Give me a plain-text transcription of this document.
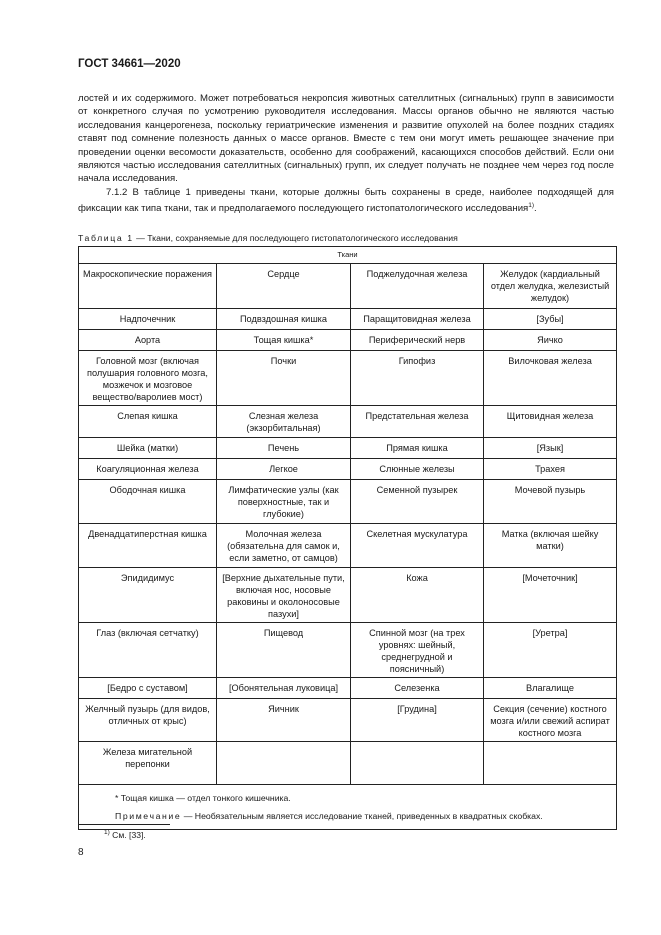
ГОСТ 34661—2020

лостей и их содержимого. Может потребоваться некропсия животных сателлитных (сигнальных) групп в зависимости от конкретного случая по усмотрению руководителя исследования. Массы органов обычно не являются частью исследования канцерогенеза, поскольку гериатрические изменения и развитие опухолей на более поздних стадиях ставят под сомнение полезность данных о массе органов. Вместе с тем они могут иметь решающее значение при проведении оценки весомости доказательств, особенно для соображений, касающихся способов действий. Если они являются частью исследования сателлитных (сигнальных) групп, их следует получать не позднее чем через год после начала исследования.

7.1.2 В таблице 1 приведены ткани, которые должны быть сохранены в среде, наиболее подходящей для фиксации как типа ткани, так и предполагаемого последующего гистопатологического исследования$^{1)}$.

Таблица 1 — Ткани, сохраняемые для последующего гистопатологического исследования
Ткани			
Макроскопические поражения	Сердце	Поджелудочная железа	Желудок (кардиальный отдел желудка, железистый желудок)
Надпочечник	Подвздошная кишка	Паращитовидная железа	[Зубы]
Аорта	Тощая кишка*	Периферический нерв	Яичко
Головной мозг (включая полушария головного мозга, мозжечок и мозговое вещество/варолиев мост)	Почки	Гипофиз	Вилочковая железа
Слепая кишка	Слезная железа (экзорбитальная)	Предстательная железа	Щитовидная железа
Шейка (матки)	Печень	Прямая кишка	[Язык]
Коагуляционная железа	Легкое	Слюнные железы	Трахея
Ободочная кишка	Лимфатические узлы (как поверхностные, так и глубокие)	Семенной пузырек	Мочевой пузырь
Двенадцатиперстная кишка	Молочная железа (обязательна для самок и, если заметно, от самцов)	Скелетная мускулатура	Матка (включая шейку матки)
Эпидидимус	[Верхние дыхательные пути, включая нос, носовые раковины и околоносовые пазухи]	Кожа	[Мочеточник]
Глаз (включая сетчатку)	Пищевод	Спинной мозг (на трех уровнях: шейный, среднегрудной и поясничный)	[Уретра]
[Бедро с суставом]	[Обонятельная луковица]	Селезенка	Влагалище
Желчный пузырь (для видов, отличных от крыс)	Яичник	[Грудина]	Секция (сечение) костного мозга и/или свежий аспират костного мозга
Железа мигательной перепонки			

* Тощая кишка — отдел тонкого кишечника.
Примечание — Необязательным является исследование тканей, приведенных в квадратных скобках.			
$^{1)}$ См. [33].
8
